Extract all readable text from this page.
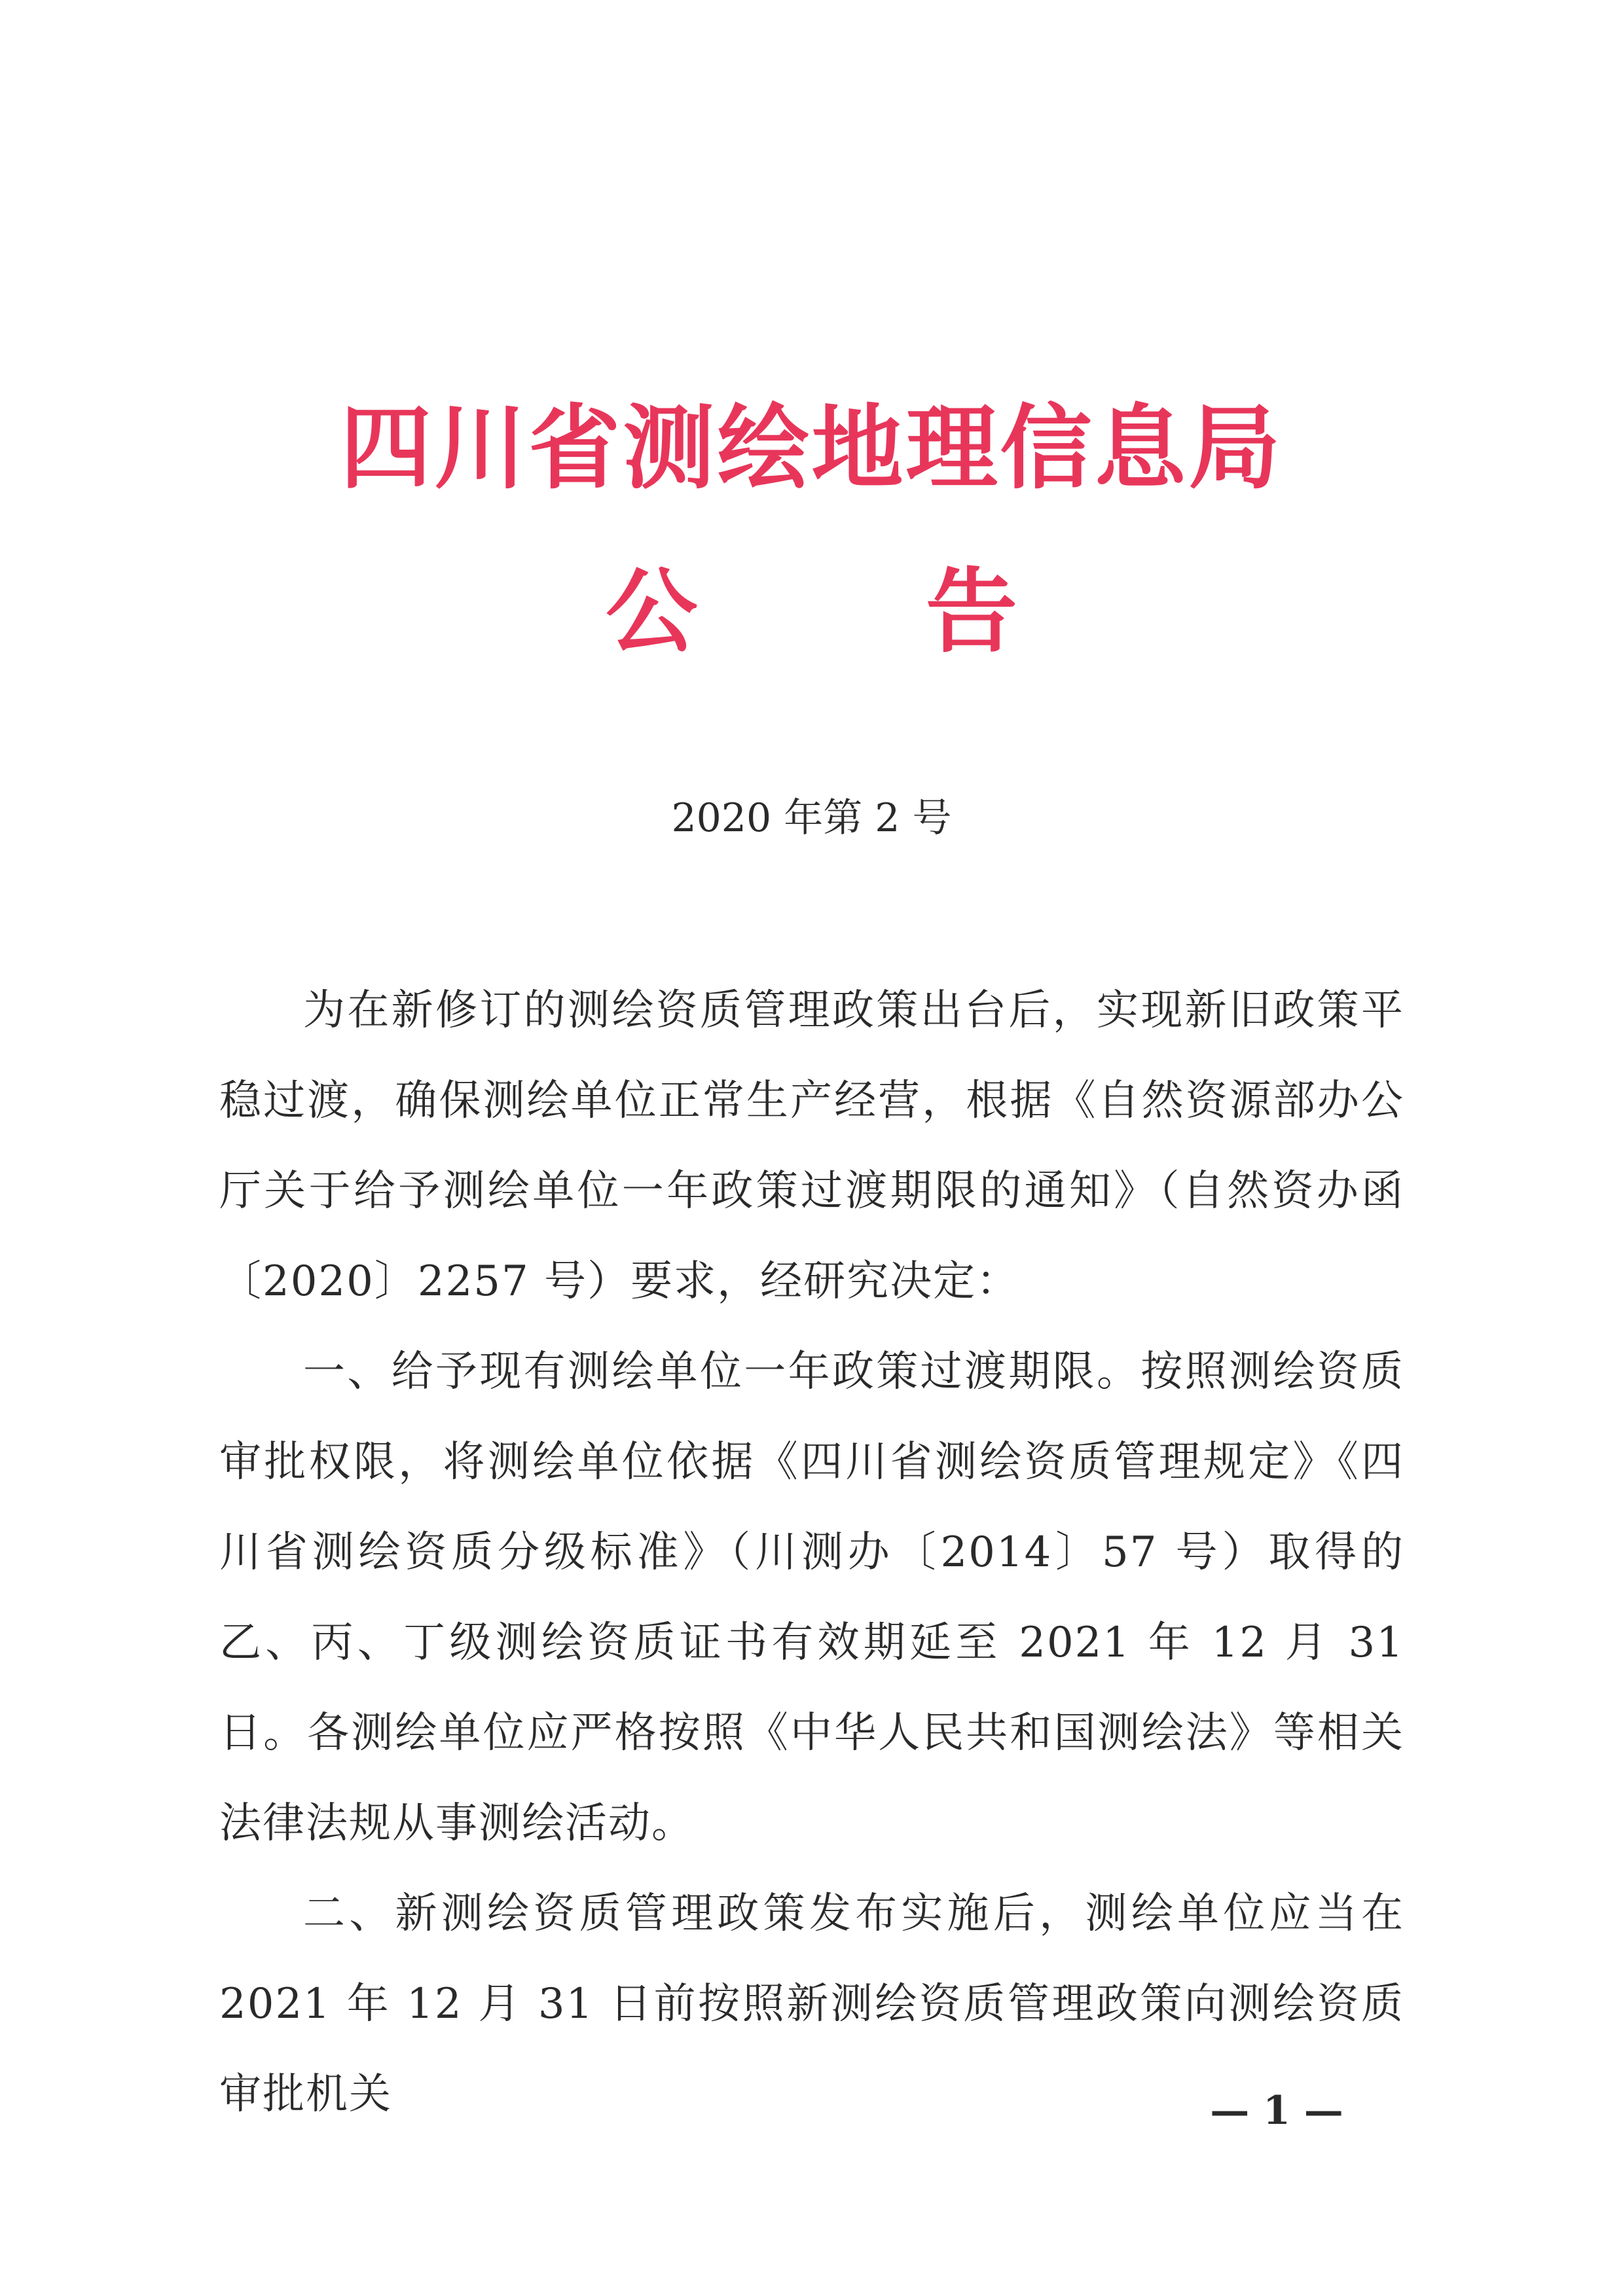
四川省测绘地理信息局
公 告
2020 年第 2 号

为在新修订的测绘资质管理政策出台后，实现新旧政策平稳过渡，确保测绘单位正常生产经营，根据《自然资源部办公厅关于给予测绘单位一年政策过渡期限的通知》（自然资办函〔2020〕2257 号）要求，经研究决定：

一、给予现有测绘单位一年政策过渡期限。按照测绘资质审批权限，将测绘单位依据《四川省测绘资质管理规定》《四川省测绘资质分级标准》（川测办〔2014〕57 号）取得的乙、丙、丁级测绘资质证书有效期延至 2021 年 12 月 31 日。各测绘单位应严格按照《中华人民共和国测绘法》等相关法律法规从事测绘活动。

二、新测绘资质管理政策发布实施后，测绘单位应当在 2021 年 12 月 31 日前按照新测绘资质管理政策向测绘资质审批机关	— 1 —
